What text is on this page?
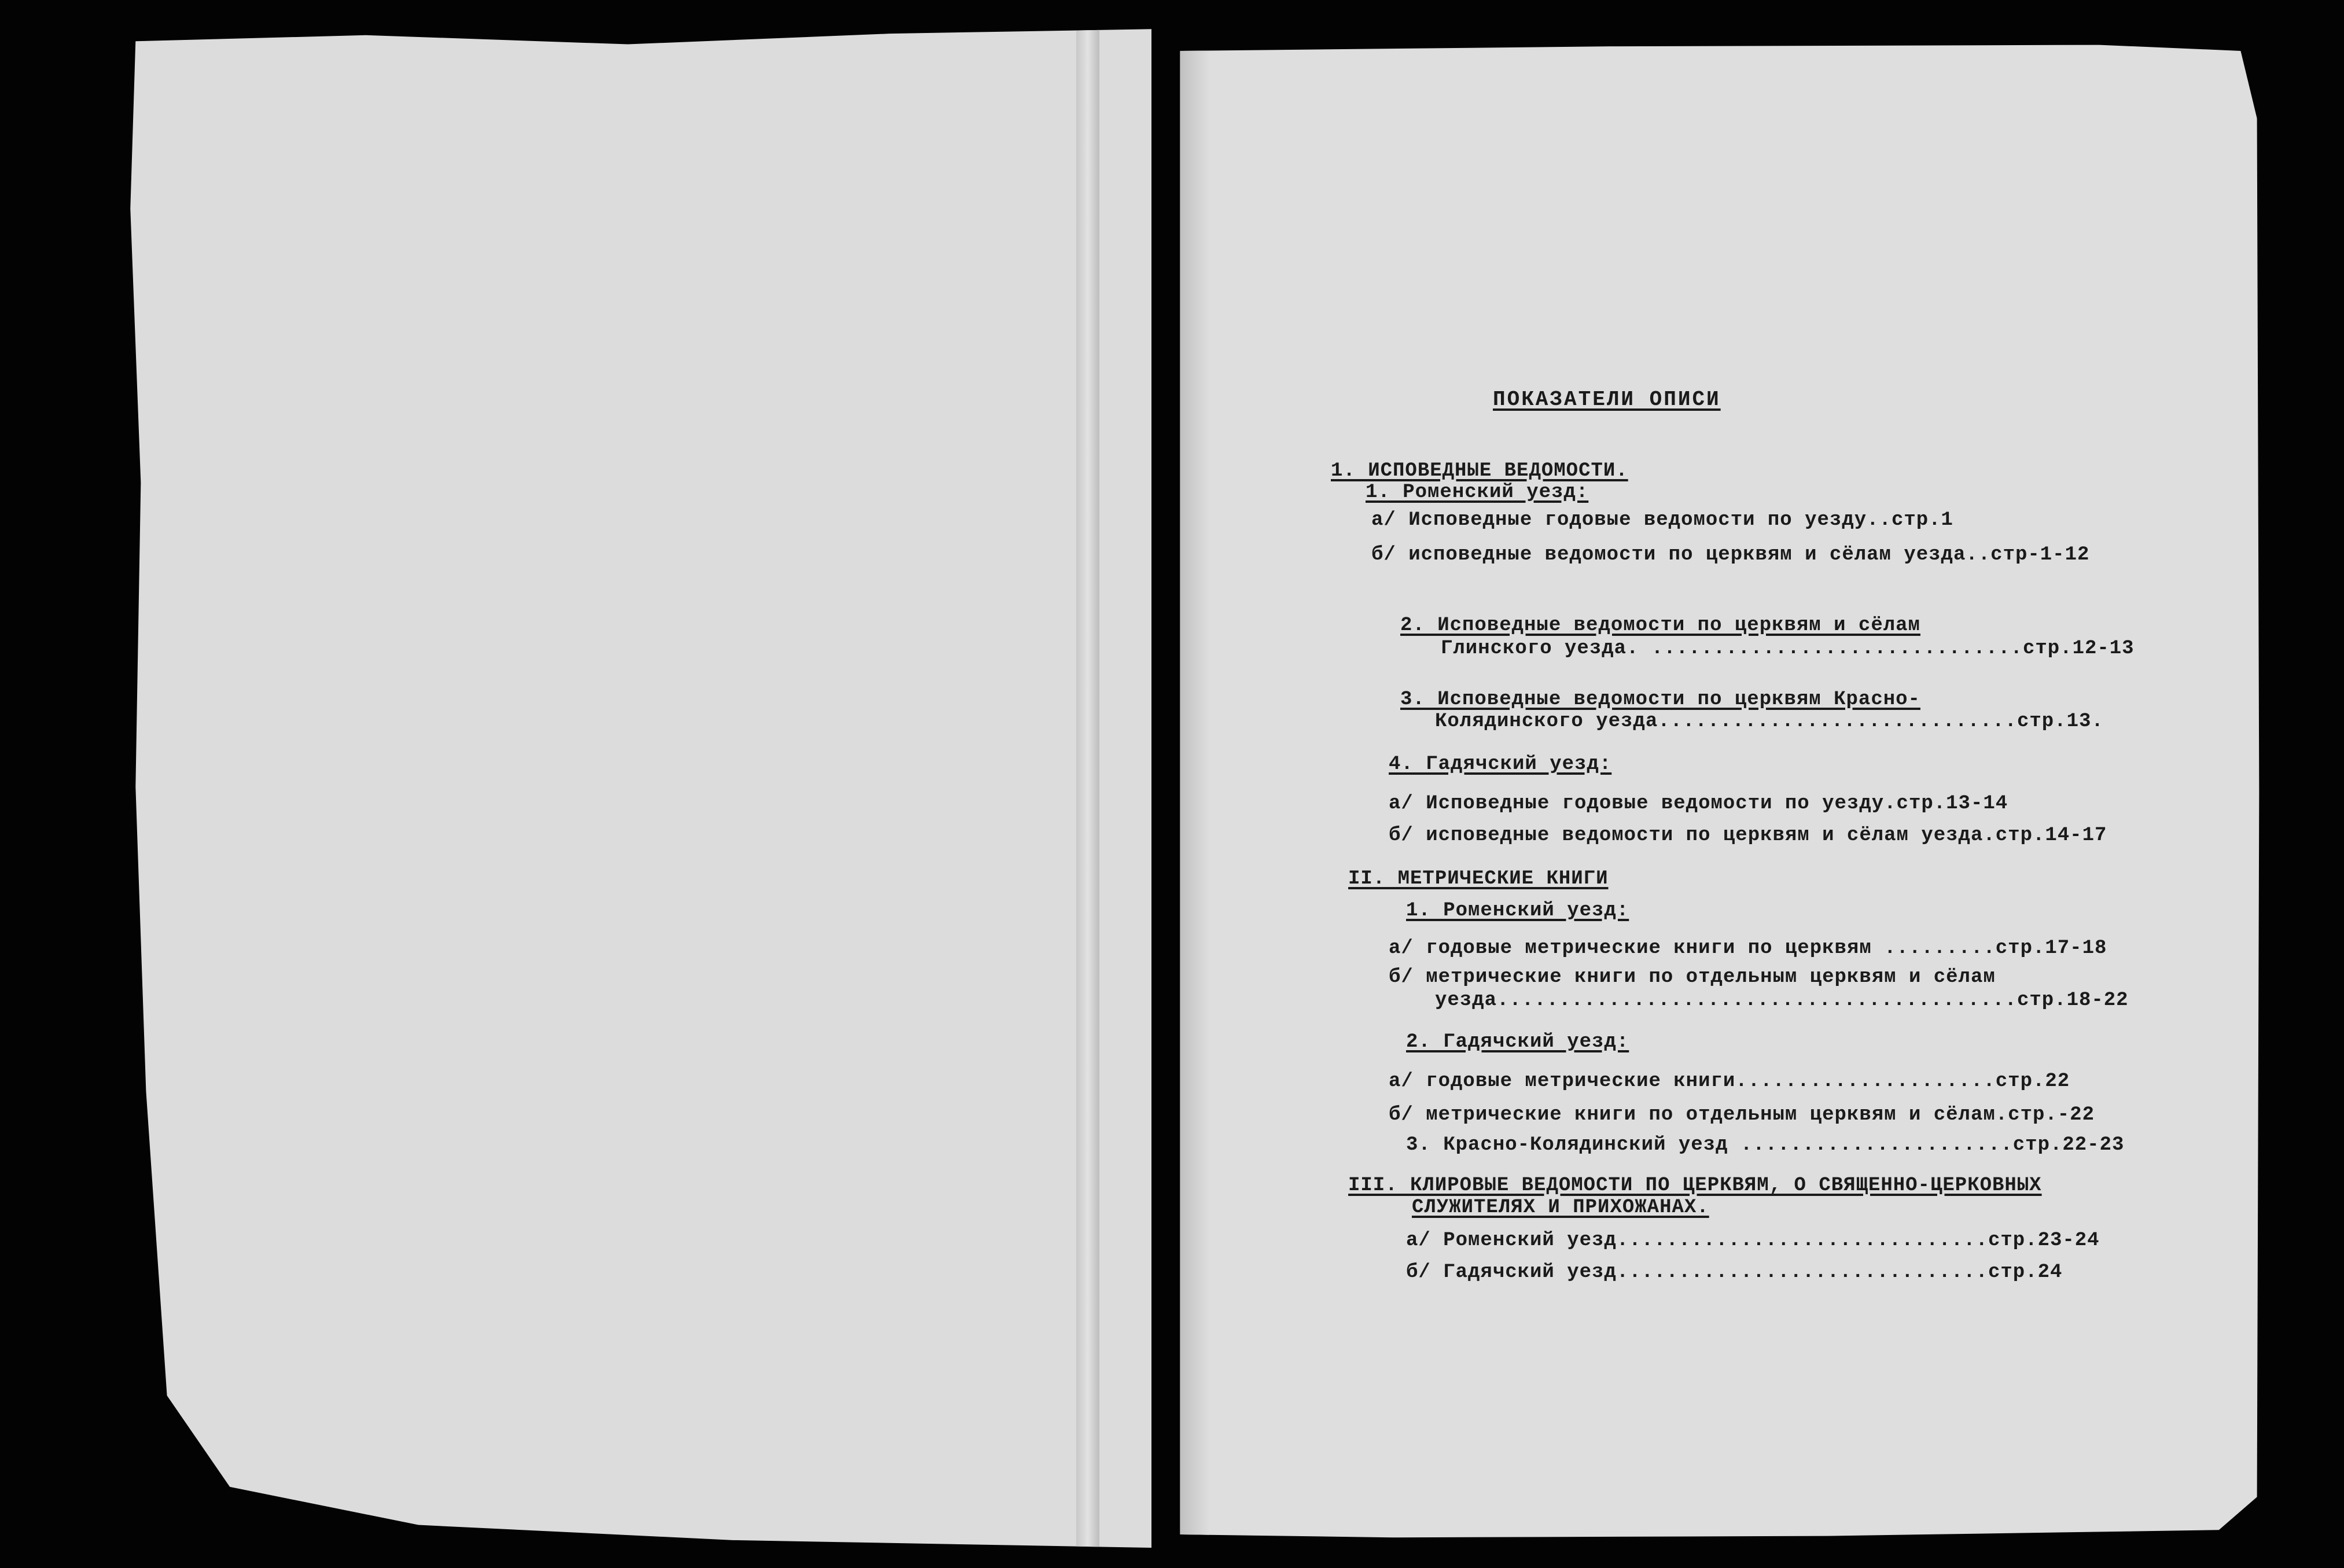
ПОКАЗАТЕЛИ ОПИСИ
1. ИСПОВЕДНЫЕ ВЕДОМОСТИ.
1. Роменский уезд:
а/ Исповедные годовые ведомости по уезду..стр.1
б/ исповедные ведомости по церквям и сёлам уезда..стр-1-12
2. Исповедные ведомости по церквям и сёлам
Глинского уезда. ..............................стр.12-13
3. Исповедные ведомости по церквям Красно-
Колядинского уезда.............................стр.13.
4. Гадячский уезд:
а/ Исповедные годовые ведомости по уезду.стр.13-14
б/ исповедные ведомости по церквям и сёлам уезда.стр.14-17
II. МЕТРИЧЕСКИЕ КНИГИ
1. Роменский уезд:
а/ годовые метрические книги по церквям .........стр.17-18
б/ метрические книги по отдельным церквям и сёлам
уезда..........................................стр.18-22
2. Гадячский уезд:
а/ годовые метрические книги.....................стр.22
б/ метрические книги по отдельным церквям и сёлам.стр.-22
3. Красно-Колядинский уезд ......................стр.22-23
III. КЛИРОВЫЕ ВЕДОМОСТИ ПО ЦЕРКВЯМ, О СВЯЩЕННО-ЦЕРКОВНЫХ
СЛУЖИТЕЛЯХ И ПРИХОЖАНАХ.
а/ Роменский уезд..............................стр.23-24
б/ Гадячский уезд..............................стр.24
